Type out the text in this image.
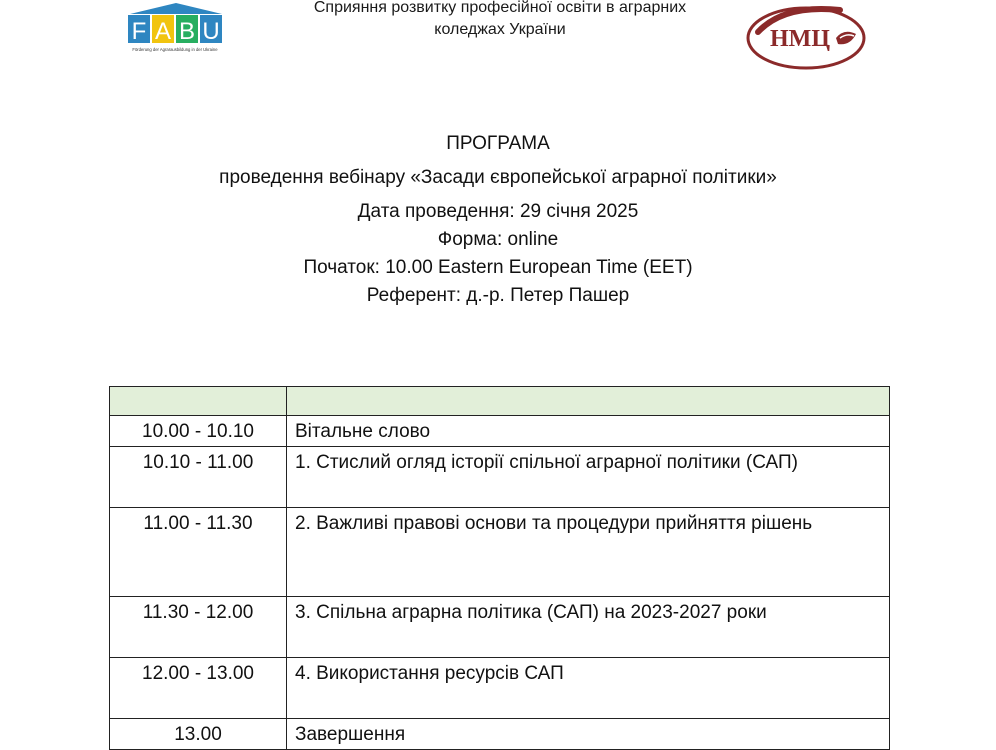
F A B U
Förderung der Agrarausbildung in der Ukraine
Сприяння розвитку професійної освіти в аграрних
коледжах України	НМЦ
ПРОГРАМА
проведення вебінару «Засади європейської аграрної політики»
Дата проведення: 29 січня 2025
Форма: online
Початок: 10.00 Eastern European Time (EET)
Референт: д.-р. Петер Пашер

10.00 - 10.10	Вітальне слово
10.10 - 11.00	1. Стислий огляд історії спільної аграрної політики (САП)
11.00 - 11.30	2. Важливі правові основи та процедури прийняття рішень
11.30 - 12.00	3. Спільна аграрна політика (САП) на 2023-2027 роки
12.00 - 13.00	4. Використання ресурсів САП
13.00	Завершення
